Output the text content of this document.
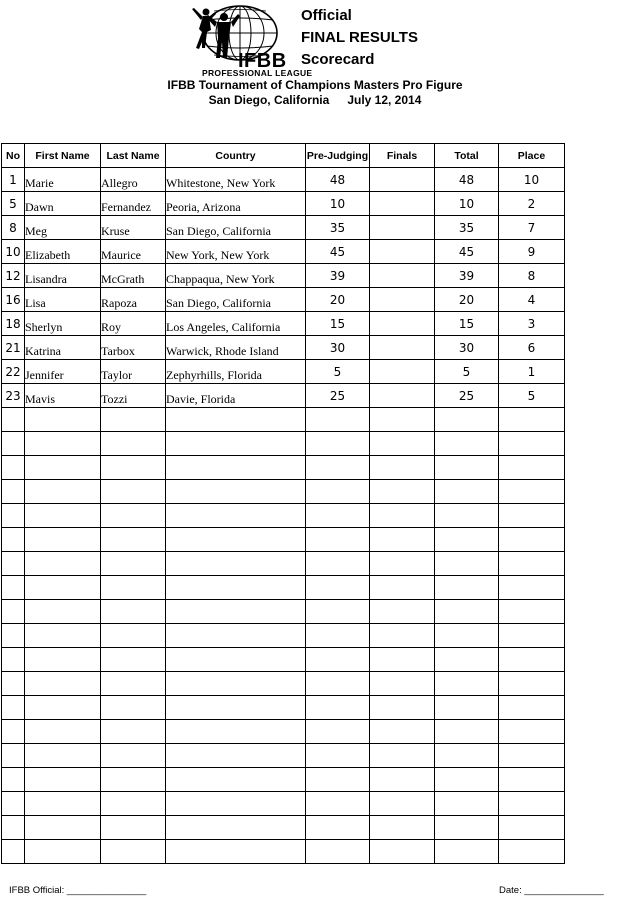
IFBB
PROFESSIONAL LEAGUE
Official
FINAL RESULTS
Scorecard
IFBB Tournament of Champions Masters Pro Figure
San Diego, California July 12, 2014
No	First Name	Last Name	Country	Pre-Judging	Finals	Total	Place
1	Marie	Allegro	Whitestone, New York	48		48	10
5	Dawn	Fernandez	Peoria, Arizona	10		10	2
8	Meg	Kruse	San Diego, California	35		35	7
10	Elizabeth	Maurice	New York, New York	45		45	9
12	Lisandra	McGrath	Chappaqua, New York	39		39	8
16	Lisa	Rapoza	San Diego, California	20		20	4
18	Sherlyn	Roy	Los Angeles, California	15		15	3
21	Katrina	Tarbox	Warwick, Rhode Island	30		30	6
22	Jennifer	Taylor	Zephyrhills, Florida	5		5	1
23	Mavis	Tozzi	Davie, Florida	25		25	5

IFBB Official: _______________	Date: _______________
